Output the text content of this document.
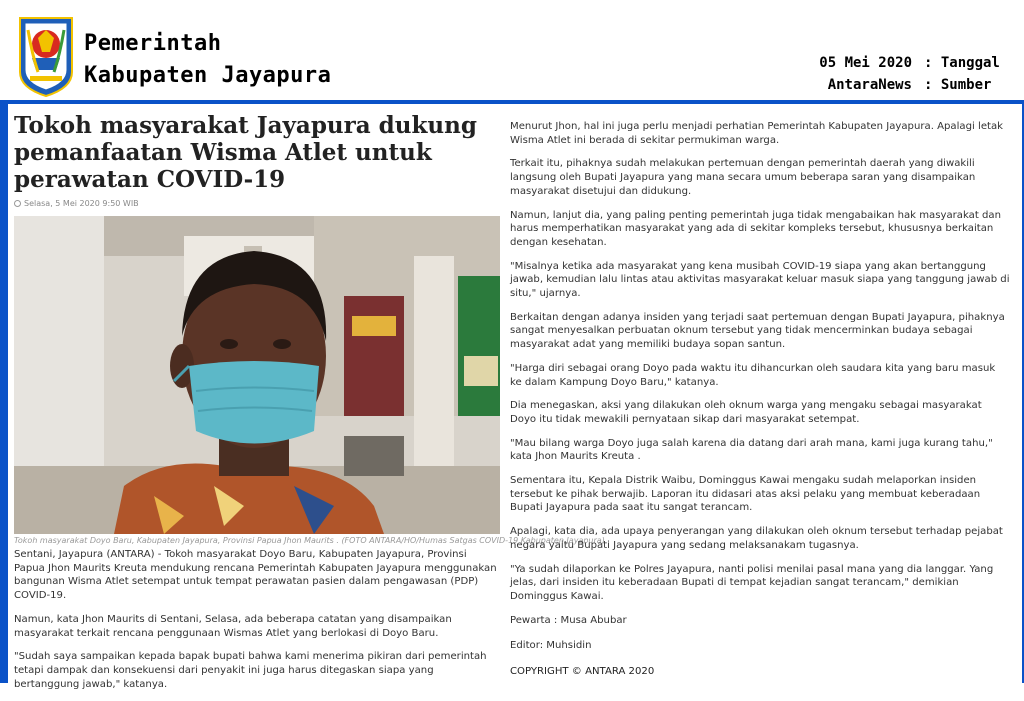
Pemerintah
Kabupaten Jayapura	05 Mei 2020 : Tanggal
AntaraNews : Sumber
Tokoh masyarakat Jayapura dukung pemanfaatan Wisma Atlet untuk perawatan COVID-19
Selasa, 5 Mei 2020 9:50 WIB
Tokoh masyarakat Doyo Baru, Kabupaten Jayapura, Provinsi Papua Jhon Maurits . (FOTO ANTARA/HO/Humas Satgas COVID-19 Kabupaten Jayapura)

Sentani, Jayapura (ANTARA) - Tokoh masyarakat Doyo Baru, Kabupaten Jayapura, Provinsi Papua Jhon Maurits Kreuta mendukung rencana Pemerintah Kabupaten Jayapura menggunakan bangunan Wisma Atlet setempat untuk tempat perawatan pasien dalam pengawasan (PDP) COVID-19.

Namun, kata Jhon Maurits di Sentani, Selasa, ada beberapa catatan yang disampaikan masyarakat terkait rencana penggunaan Wismas Atlet yang berlokasi di Doyo Baru.

"Sudah saya sampaikan kepada bapak bupati bahwa kami menerima pikiran dari pemerintah tetapi dampak dan konsekuensi dari penyakit ini juga harus ditegaskan siapa yang bertanggung jawab," katanya.

Menurut Jhon, hal ini juga perlu menjadi perhatian Pemerintah Kabupaten Jayapura. Apalagi letak Wisma Atlet ini berada di sekitar permukiman warga.

Terkait itu, pihaknya sudah melakukan pertemuan dengan pemerintah daerah yang diwakili langsung oleh Bupati Jayapura yang mana secara umum beberapa saran yang disampaikan masyarakat disetujui dan didukung.

Namun, lanjut dia, yang paling penting pemerintah juga tidak mengabaikan hak masyarakat dan harus memperhatikan masyarakat yang ada di sekitar kompleks tersebut, khususnya berkaitan dengan kesehatan.

"Misalnya ketika ada masyarakat yang kena musibah COVID-19 siapa yang akan bertanggung jawab, kemudian lalu lintas atau aktivitas masyarakat keluar masuk siapa yang tanggung jawab di situ," ujarnya.

Berkaitan dengan adanya insiden yang terjadi saat pertemuan dengan Bupati Jayapura, pihaknya sangat menyesalkan perbuatan oknum tersebut yang tidak mencerminkan budaya sebagai masyarakat adat yang memiliki budaya sopan santun.

"Harga diri sebagai orang Doyo pada waktu itu dihancurkan oleh saudara kita yang baru masuk ke dalam Kampung Doyo Baru," katanya.

Dia menegaskan, aksi yang dilakukan oleh oknum warga yang mengaku sebagai masyarakat Doyo itu tidak mewakili pernyataan sikap dari masyarakat setempat.

"Mau bilang warga Doyo juga salah karena dia datang dari arah mana, kami juga kurang tahu," kata Jhon Maurits Kreuta .

Sementara itu, Kepala Distrik Waibu, Dominggus Kawai mengaku sudah melaporkan insiden tersebut ke pihak berwajib. Laporan itu didasari atas aksi pelaku yang membuat keberadaan Bupati Jayapura pada saat itu sangat terancam.

Apalagi, kata dia, ada upaya penyerangan yang dilakukan oleh oknum tersebut terhadap pejabat negara yaitu Bupati Jayapura yang sedang melaksanakam tugasnya.

"Ya sudah dilaporkan ke Polres Jayapura, nanti polisi menilai pasal mana yang dia langgar. Yang jelas, dari insiden itu keberadaan Bupati di tempat kejadian sangat terancam," demikian Dominggus Kawai.

Pewarta : Musa Abubar

Editor: Muhsidin

COPYRIGHT © ANTARA 2020
